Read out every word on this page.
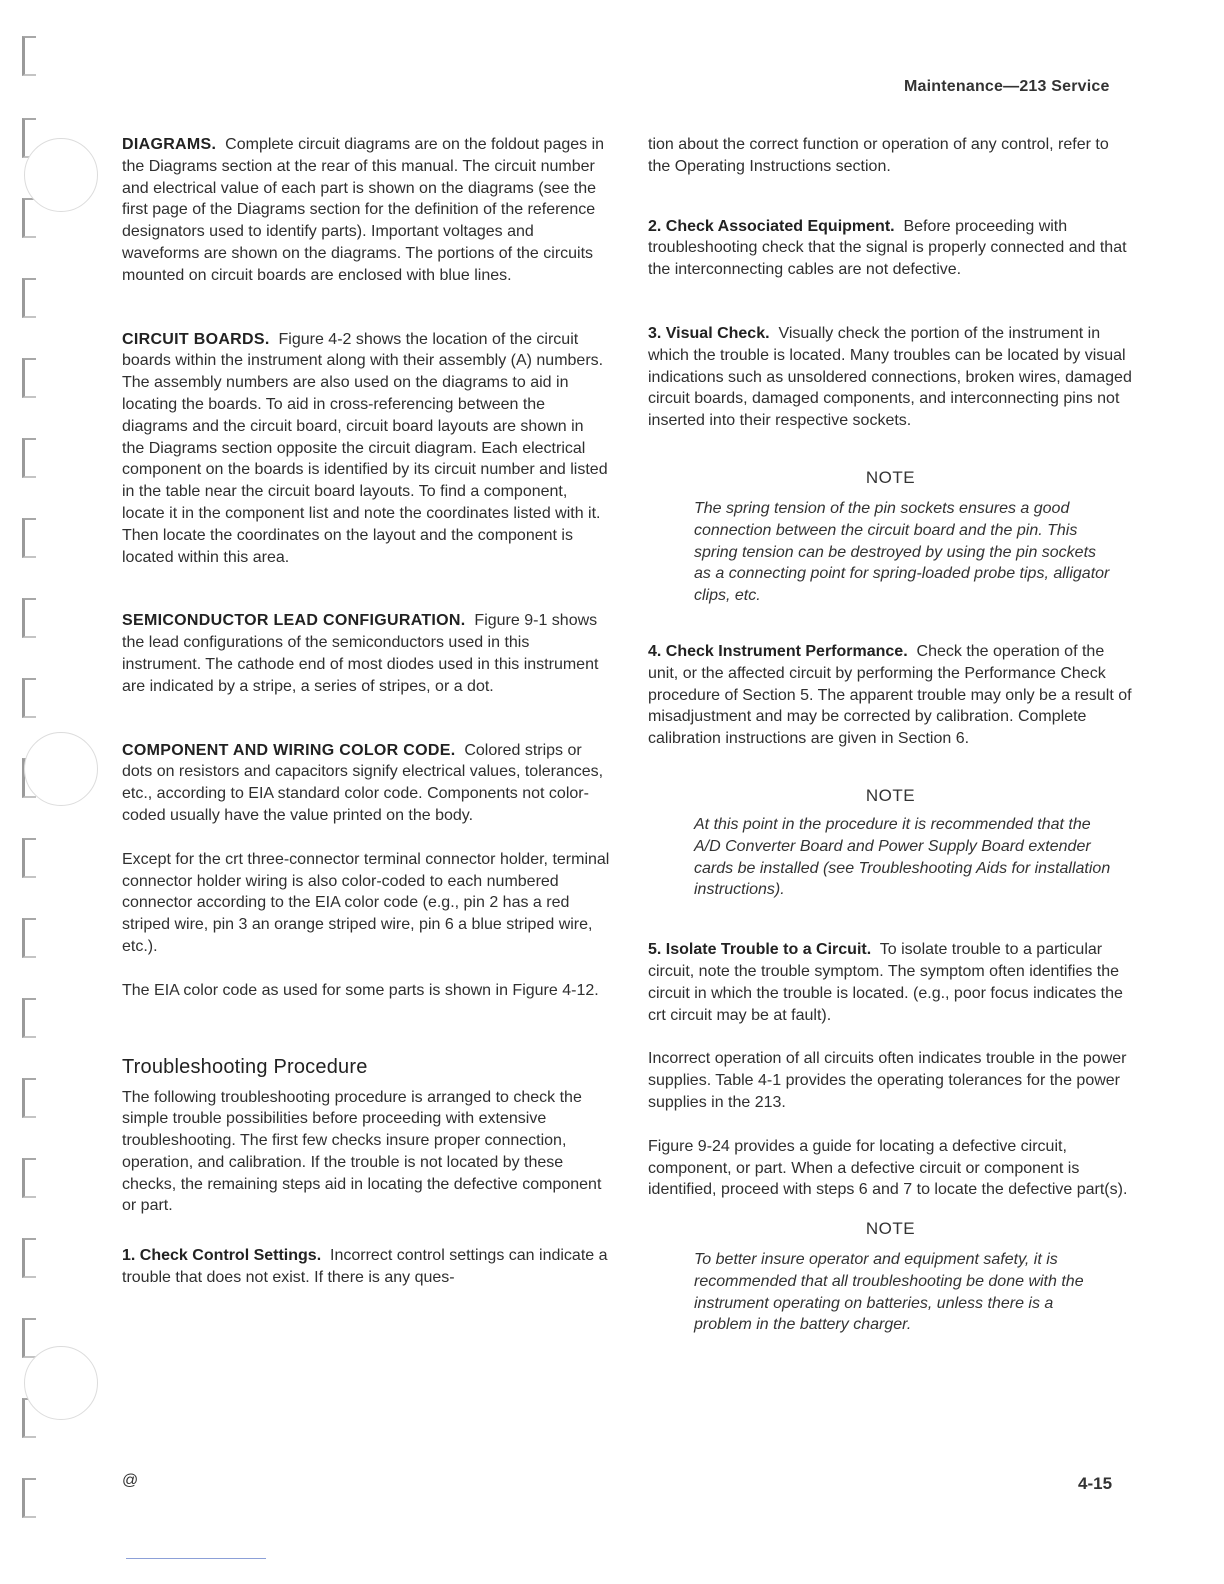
Maintenance—213 Service

DIAGRAMS. Complete circuit diagrams are on the foldout pages in the Diagrams section at the rear of this manual. The circuit number and electrical value of each part is shown on the diagrams (see the first page of the Diagrams section for the definition of the reference designators used to identify parts). Important voltages and waveforms are shown on the diagrams. The portions of the circuits mounted on circuit boards are enclosed with blue lines.

CIRCUIT BOARDS. Figure 4-2 shows the location of the circuit boards within the instrument along with their assembly (A) numbers. The assembly numbers are also used on the diagrams to aid in locating the boards. To aid in cross-referencing between the diagrams and the circuit board, circuit board layouts are shown in the Diagrams section opposite the circuit diagram. Each electrical component on the boards is identified by its circuit number and listed in the table near the circuit board layouts. To find a component, locate it in the component list and note the coordinates listed with it. Then locate the coordinates on the layout and the component is located within this area.

SEMICONDUCTOR LEAD CONFIGURATION. Figure 9-1 shows the lead configurations of the semiconductors used in this instrument. The cathode end of most diodes used in this instrument are indicated by a stripe, a series of stripes, or a dot.

COMPONENT AND WIRING COLOR CODE. Colored strips or dots on resistors and capacitors signify electrical values, tolerances, etc., according to EIA standard color code. Components not color-coded usually have the value printed on the body.

Except for the crt three-connector terminal connector holder, terminal connector holder wiring is also color-coded to each numbered connector according to the EIA color code (e.g., pin 2 has a red striped wire, pin 3 an orange striped wire, pin 6 a blue striped wire, etc.).

The EIA color code as used for some parts is shown in Figure 4-12.

Troubleshooting Procedure

The following troubleshooting procedure is arranged to check the simple trouble possibilities before proceeding with extensive troubleshooting. The first few checks insure proper connection, operation, and calibration. If the trouble is not located by these checks, the remaining steps aid in locating the defective component or part.

1. Check Control Settings. Incorrect control settings can indicate a trouble that does not exist. If there is any ques-

tion about the correct function or operation of any control, refer to the Operating Instructions section.

2. Check Associated Equipment. Before proceeding with troubleshooting check that the signal is properly connected and that the interconnecting cables are not defective.

3. Visual Check. Visually check the portion of the instrument in which the trouble is located. Many troubles can be located by visual indications such as unsoldered connections, broken wires, damaged circuit boards, damaged components, and interconnecting pins not inserted into their respective sockets.

NOTE

The spring tension of the pin sockets ensures a good connection between the circuit board and the pin. This spring tension can be destroyed by using the pin sockets as a connecting point for spring-loaded probe tips, alligator clips, etc.

4. Check Instrument Performance. Check the operation of the unit, or the affected circuit by performing the Performance Check procedure of Section 5. The apparent trouble may only be a result of misadjustment and may be corrected by calibration. Complete calibration instructions are given in Section 6.

NOTE

At this point in the procedure it is recommended that the A/D Converter Board and Power Supply Board extender cards be installed (see Troubleshooting Aids for installation instructions).

5. Isolate Trouble to a Circuit. To isolate trouble to a particular circuit, note the trouble symptom. The symptom often identifies the circuit in which the trouble is located. (e.g., poor focus indicates the crt circuit may be at fault).

Incorrect operation of all circuits often indicates trouble in the power supplies. Table 4-1 provides the operating tolerances for the power supplies in the 213.

Figure 9-24 provides a guide for locating a defective circuit, component, or part. When a defective circuit or component is identified, proceed with steps 6 and 7 to locate the defective part(s).

NOTE

To better insure operator and equipment safety, it is recommended that all troubleshooting be done with the instrument operating on batteries, unless there is a problem in the battery charger.

@	4-15
